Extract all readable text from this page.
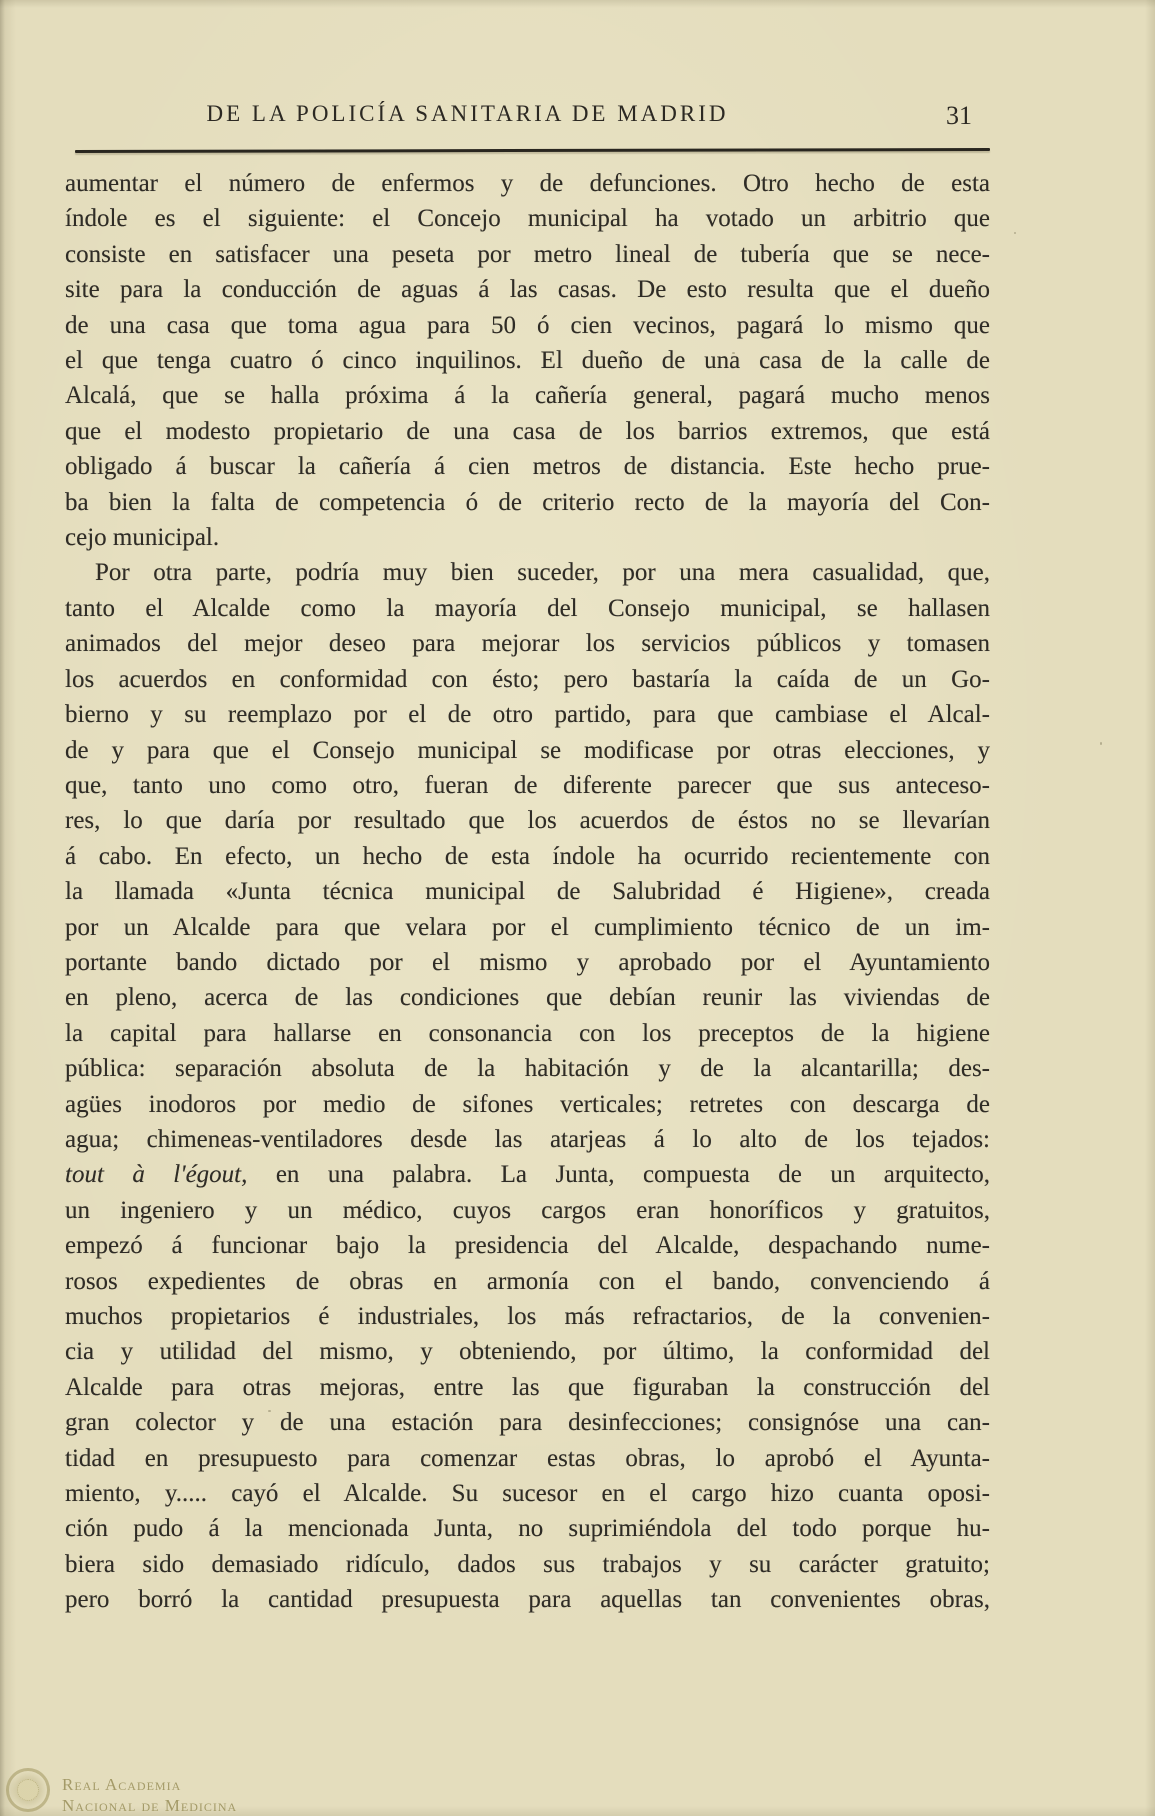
DE LA POLICÍA SANITARIA DE MADRID	31
aumentar el número de enfermos y de defunciones. Otro hecho de esta
índole es el siguiente: el Concejo municipal ha votado un arbitrio que
consiste en satisfacer una peseta por metro lineal de tubería que se nece-
site para la conducción de aguas á las casas. De esto resulta que el dueño
de una casa que toma agua para 50 ó cien vecinos, pagará lo mismo que
el que tenga cuatro ó cinco inquilinos. El dueño de una casa de la calle de
Alcalá, que se halla próxima á la cañería general, pagará mucho menos
que el modesto propietario de una casa de los barrios extremos, que está
obligado á buscar la cañería á cien metros de distancia. Este hecho prue-
ba bien la falta de competencia ó de criterio recto de la mayoría del Con-
cejo municipal.
Por otra parte, podría muy bien suceder, por una mera casualidad, que,
tanto el Alcalde como la mayoría del Consejo municipal, se hallasen
animados del mejor deseo para mejorar los servicios públicos y tomasen
los acuerdos en conformidad con ésto; pero bastaría la caída de un Go-
bierno y su reemplazo por el de otro partido, para que cambiase el Alcal-
de y para que el Consejo municipal se modificase por otras elecciones, y
que, tanto uno como otro, fueran de diferente parecer que sus anteceso-
res, lo que daría por resultado que los acuerdos de éstos no se llevarían
á cabo. En efecto, un hecho de esta índole ha ocurrido recientemente con
la llamada «Junta técnica municipal de Salubridad é Higiene», creada
por un Alcalde para que velara por el cumplimiento técnico de un im-
portante bando dictado por el mismo y aprobado por el Ayuntamiento
en pleno, acerca de las condiciones que debían reunir las viviendas de
la capital para hallarse en consonancia con los preceptos de la higiene
pública: separación absoluta de la habitación y de la alcantarilla; des-
agües inodoros por medio de sifones verticales; retretes con descarga de
agua; chimeneas-ventiladores desde las atarjeas á lo alto de los tejados:
tout à l'égout, en una palabra. La Junta, compuesta de un arquitecto,
un ingeniero y un médico, cuyos cargos eran honoríficos y gratuitos,
empezó á funcionar bajo la presidencia del Alcalde, despachando nume-
rosos expedientes de obras en armonía con el bando, convenciendo á
muchos propietarios é industriales, los más refractarios, de la convenien-
cia y utilidad del mismo, y obteniendo, por último, la conformidad del
Alcalde para otras mejoras, entre las que figuraban la construcción del
gran colector y de una estación para desinfecciones; consignóse una can-
tidad en presupuesto para comenzar estas obras, lo aprobó el Ayunta-
miento, y..... cayó el Alcalde. Su sucesor en el cargo hizo cuanta oposi-
ción pudo á la mencionada Junta, no suprimiéndola del todo porque hu-
biera sido demasiado ridículo, dados sus trabajos y su carácter gratuito;
pero borró la cantidad presupuesta para aquellas tan convenientes obras,
Real Academia
Nacional de Medicina
